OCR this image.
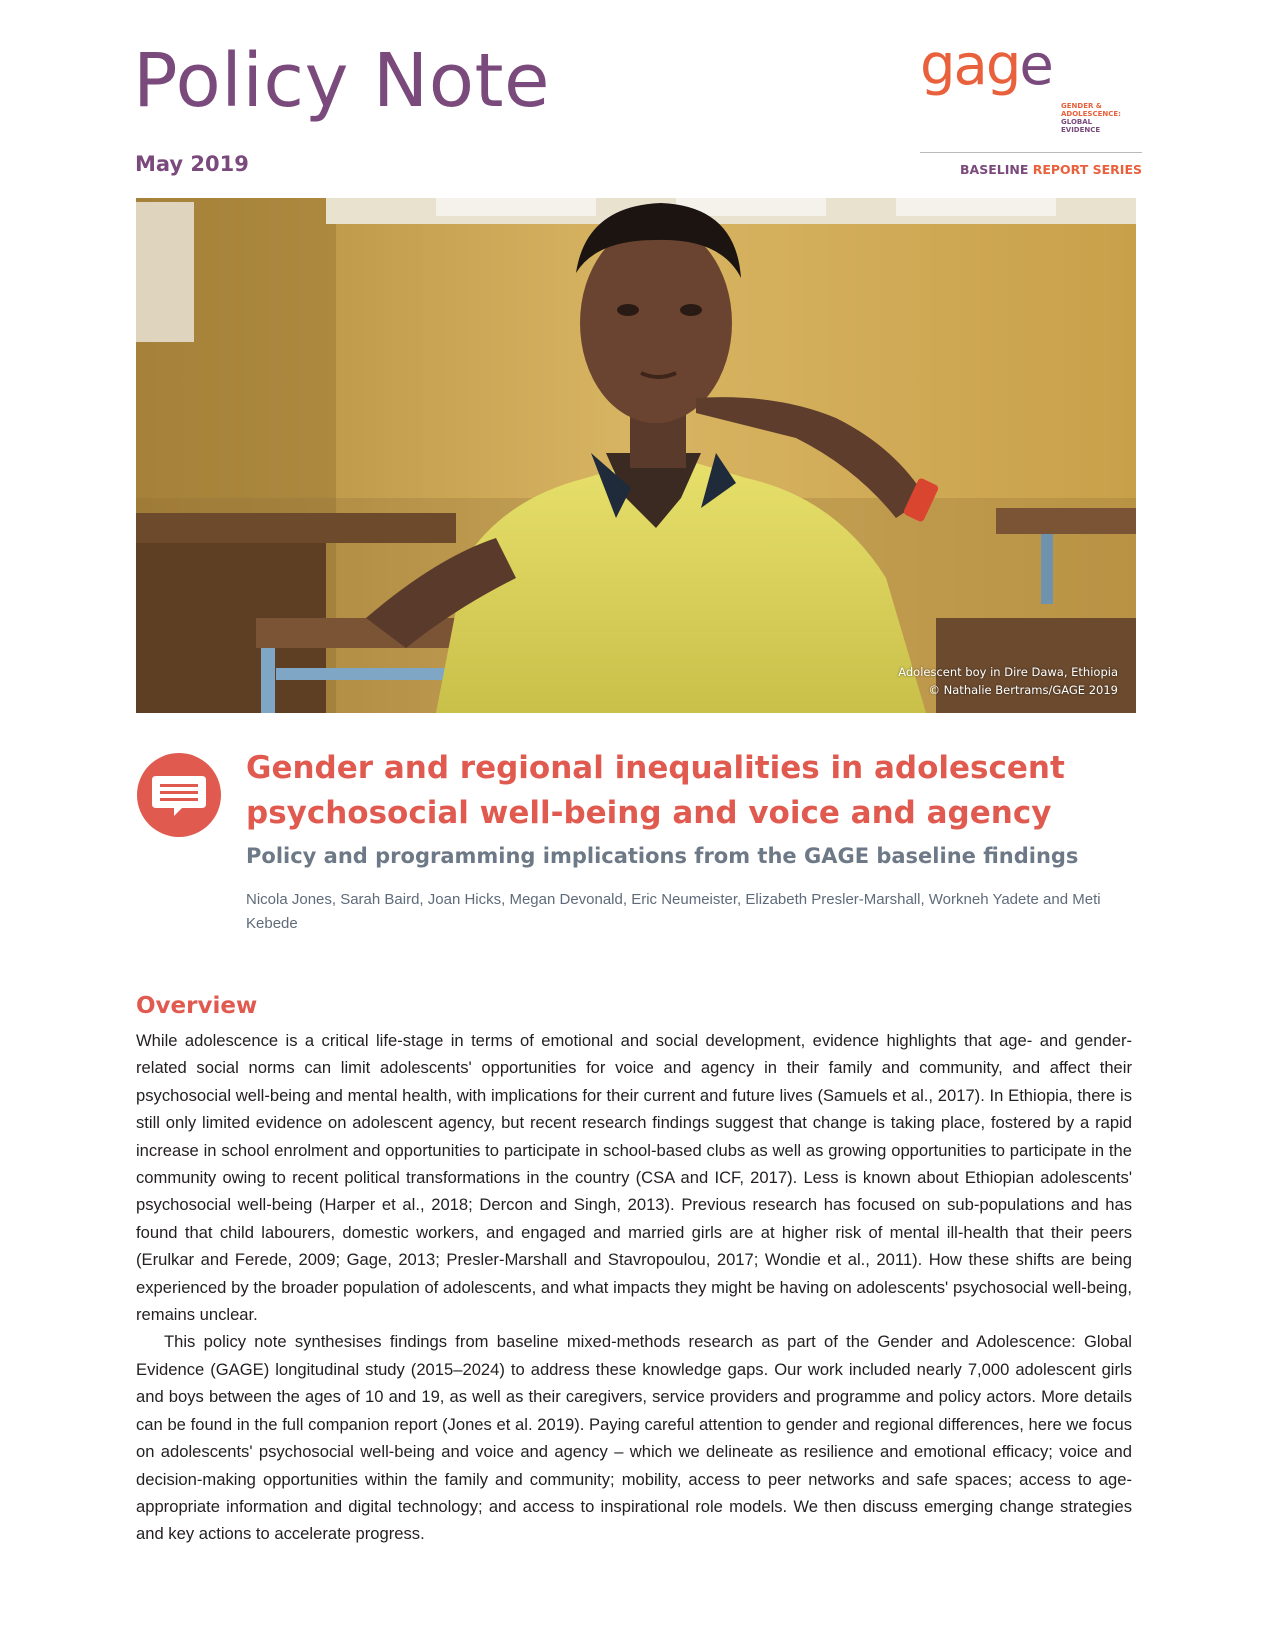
Policy Note
May 2019
gage
GENDER &
ADOLESCENCE:
GLOBAL
EVIDENCE
BASELINE REPORT SERIES
Adolescent boy in Dire Dawa, Ethiopia
© Nathalie Bertrams/GAGE 2019
Gender and regional inequalities in adolescent psychosocial well-being and voice and agency
Policy and programming implications from the GAGE baseline findings
Nicola Jones, Sarah Baird, Joan Hicks, Megan Devonald, Eric Neumeister, Elizabeth Presler-Marshall, Workneh Yadete and Meti Kebede
Overview

While adolescence is a critical life-stage in terms of emotional and social development, evidence highlights that age- and gender-related social norms can limit adolescents' opportunities for voice and agency in their family and community, and affect their psychosocial well-being and mental health, with implications for their current and future lives (Samuels et al., 2017). In Ethiopia, there is still only limited evidence on adolescent agency, but recent research findings suggest that change is taking place, fostered by a rapid increase in school enrolment and opportunities to participate in school-based clubs as well as growing opportunities to participate in the community owing to recent political transformations in the country (CSA and ICF, 2017). Less is known about Ethiopian adolescents' psychosocial well-being (Harper et al., 2018; Dercon and Singh, 2013). Previous research has focused on sub-populations and has found that child labourers, domestic workers, and engaged and married girls are at higher risk of mental ill-health that their peers (Erulkar and Ferede, 2009; Gage, 2013; Presler-Marshall and Stavropoulou, 2017; Wondie et al., 2011). How these shifts are being experienced by the broader population of adolescents, and what impacts they might be having on adolescents' psychosocial well-being, remains unclear.

This policy note synthesises findings from baseline mixed-methods research as part of the Gender and Adolescence: Global Evidence (GAGE) longitudinal study (2015–2024) to address these knowledge gaps. Our work included nearly 7,000 adolescent girls and boys between the ages of 10 and 19, as well as their caregivers, service providers and programme and policy actors. More details can be found in the full companion report (Jones et al. 2019). Paying careful attention to gender and regional differences, here we focus on adolescents' psychosocial well-being and voice and agency – which we delineate as resilience and emotional efficacy; voice and decision-making opportunities within the family and community; mobility, access to peer networks and safe spaces; access to age-appropriate information and digital technology; and access to inspirational role models. We then discuss emerging change strategies and key actions to accelerate progress.
